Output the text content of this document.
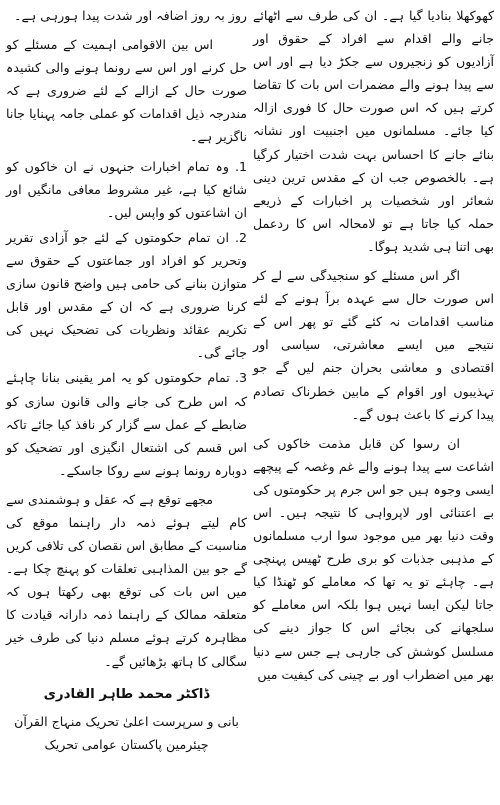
کھوکھلا بنادیا گیا ہے۔ ان کی طرف سے اٹھائے جانے والے اقدام سے افراد کے حقوق اور آزادیوں کو زنجیروں سے جکڑ دیا ہے اور اس سے پیدا ہونے والے مضمرات اس بات کا تقاضا کرتے ہیں کہ اس صورت حال کا فوری ازالہ کیا جائے۔ مسلمانوں میں اجنبیت اور نشانہ بنائے جانے کا احساس بہت شدت اختیار کرگیا ہے۔ بالخصوص جب ان کے مقدس ترین دینی شعائر اور شخصیات پر اخبارات کے ذریعے حملہ کیا جاتا ہے تو لامحالہ اس کا ردعمل بھی اتنا ہی شدید ہوگا۔

اگر اس مسئلے کو سنجیدگی سے لے کر اس صورت حال سے عہدہ برآ ہونے کے لئے مناسب اقدامات نہ کئے گئے تو پھر اس کے نتیجے میں ایسے معاشرتی، سیاسی اور اقتصادی و معاشی بحران جنم لیں گے جو تہذیبوں اور اقوام کے مابین خطرناک تصادم پیدا کرنے کا باعث ہوں گے۔

ان رسوا کن قابل مذمت خاکوں کی اشاعت سے پیدا ہونے والے غم وغصہ کے پیچھے ایسی وجوہ ہیں جو اس جرم پر حکومتوں کی بے اعتنائی اور لاپرواہی کا نتیجہ ہیں۔ اس وقت دنیا بھر میں موجود سوا ارب مسلمانوں کے مذہبی جذبات کو بری طرح ٹھیس پہنچی ہے۔ چاہئے تو یہ تھا کہ معاملے کو ٹھنڈا کیا جاتا لیکن ایسا نہیں ہوا بلکہ اس معاملے کو سلجھانے کی بجائے اس کا جواز دینے کی مسلسل کوشش کی جارہی ہے جس سے دنیا بھر میں اضطراب اور بے چینی کی کیفیت میں

روز بہ روز اضافہ اور شدت پیدا ہورہی ہے۔

اس بین الاقوامی اہمیت کے مسئلے کو حل کرنے اور اس سے رونما ہونے والی کشیدہ صورت حال کے ازالے کے لئے ضروری ہے کہ مندرجہ ذیل اقدامات کو عملی جامہ پہنایا جانا ناگزیر ہے۔

1. وہ تمام اخبارات جنہوں نے ان خاکوں کو شائع کیا ہے، غیر مشروط معافی مانگیں اور ان اشاعتوں کو واپس لیں۔

2. ان تمام حکومتوں کے لئے جو آزادی تقریر وتحریر کو افراد اور جماعتوں کے حقوق سے متوازن بنانے کی حامی ہیں واضح قانون سازی کرنا ضروری ہے کہ ان کے مقدس اور قابل تکریم عقائد ونظریات کی تضحیک نہیں کی جائے گی۔

3. تمام حکومتوں کو یہ امر یقینی بنانا چاہئے کہ اس طرح کی جانے والی قانون سازی کو ضابطے کے عمل سے گزار کر نافذ کیا جائے تاکہ اس قسم کی اشتعال انگیزی اور تضحیک کو دوبارہ رونما ہونے سے روکا جاسکے۔

مجھے توقع ہے کہ عقل و ہوشمندی سے کام لیتے ہوئے ذمہ دار راہنما موقع کی مناسبت کے مطابق اس نقصان کی تلافی کریں گے جو بین المذاہبی تعلقات کو پہنچ چکا ہے۔ میں اس بات کی توقع بھی رکھتا ہوں کہ متعلقہ ممالک کے راہنما ذمہ دارانہ قیادت کا مظاہرہ کرتے ہوئے مسلم دنیا کی طرف خیر سگالی کا ہاتھ بڑھائیں گے۔

ڈاکٹر محمد طاہر القادری
بانی و سرپرست اعلیٰ تحریک منہاج القرآن
چیئرمین پاکستان عوامی تحریک
